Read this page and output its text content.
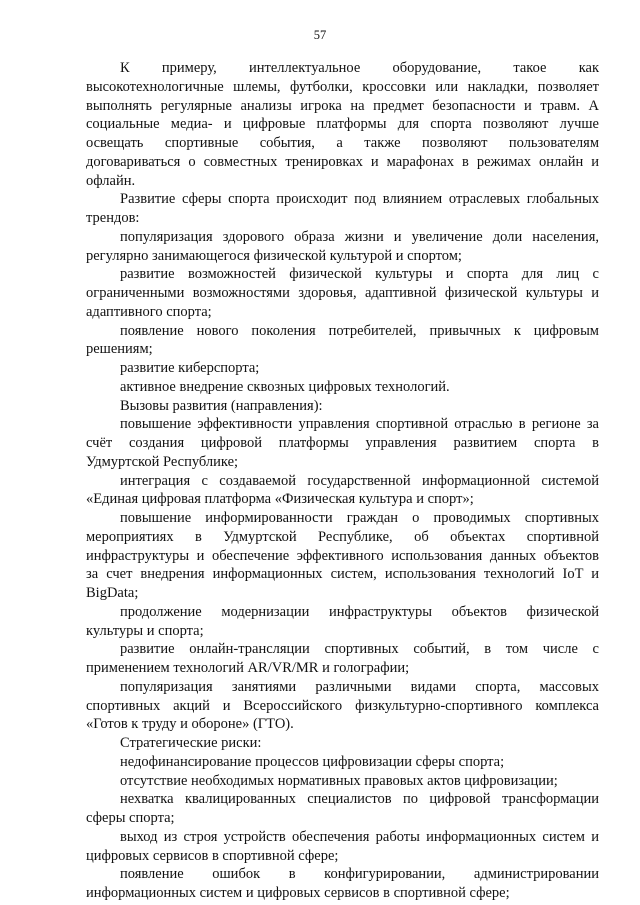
57
К примеру, интеллектуальное оборудование, такое как
высокотехнологичные шлемы, футболки, кроссовки или накладки, позволяет
выполнять регулярные анализы игрока на предмет безопасности и травм. А
социальные медиа- и цифровые платформы для спорта позволяют лучше
освещать спортивные события, а также позволяют пользователям
договариваться о совместных тренировках и марафонах в режимах онлайн и
офлайн.
Развитие сферы спорта происходит под влиянием отраслевых глобальных
трендов:
популяризация здорового образа жизни и увеличение доли населения,
регулярно занимающегося физической культурой и спортом;
развитие возможностей физической культуры и спорта для лиц с
ограниченными возможностями здоровья, адаптивной физической культуры и
адаптивного спорта;
появление нового поколения потребителей, привычных к цифровым
решениям;
развитие киберспорта;
активное внедрение сквозных цифровых технологий.
Вызовы развития (направления):
повышение эффективности управления спортивной отраслью в регионе за
счёт создания цифровой платформы управления развитием спорта в
Удмуртской Республике;
интеграция с создаваемой государственной информационной системой
«Единая цифровая платформа «Физическая культура и спорт»;
повышение информированности граждан о проводимых спортивных
мероприятиях в Удмуртской Республике, об объектах спортивной
инфраструктуры и обеспечение эффективного использования данных объектов
за счет внедрения информационных систем, использования технологий IoT и
BigData;
продолжение модернизации инфраструктуры объектов физической
культуры и спорта;
развитие онлайн-трансляции спортивных событий, в том числе с
применением технологий AR/VR/MR и голографии;
популяризация занятиями различными видами спорта, массовых
спортивных акций и Всероссийского физкультурно-спортивного комплекса
«Готов к труду и обороне» (ГТО).
Стратегические риски:
недофинансирование процессов цифровизации сферы спорта;
отсутствие необходимых нормативных правовых актов цифровизации;
нехватка квалицированных специалистов по цифровой трансформации
сферы спорта;
выход из строя устройств обеспечения работы информационных систем и
цифровых сервисов в спортивной сфере;
появление ошибок в конфигурировании, администрировании
информационных систем и цифровых сервисов в спортивной сфере;
